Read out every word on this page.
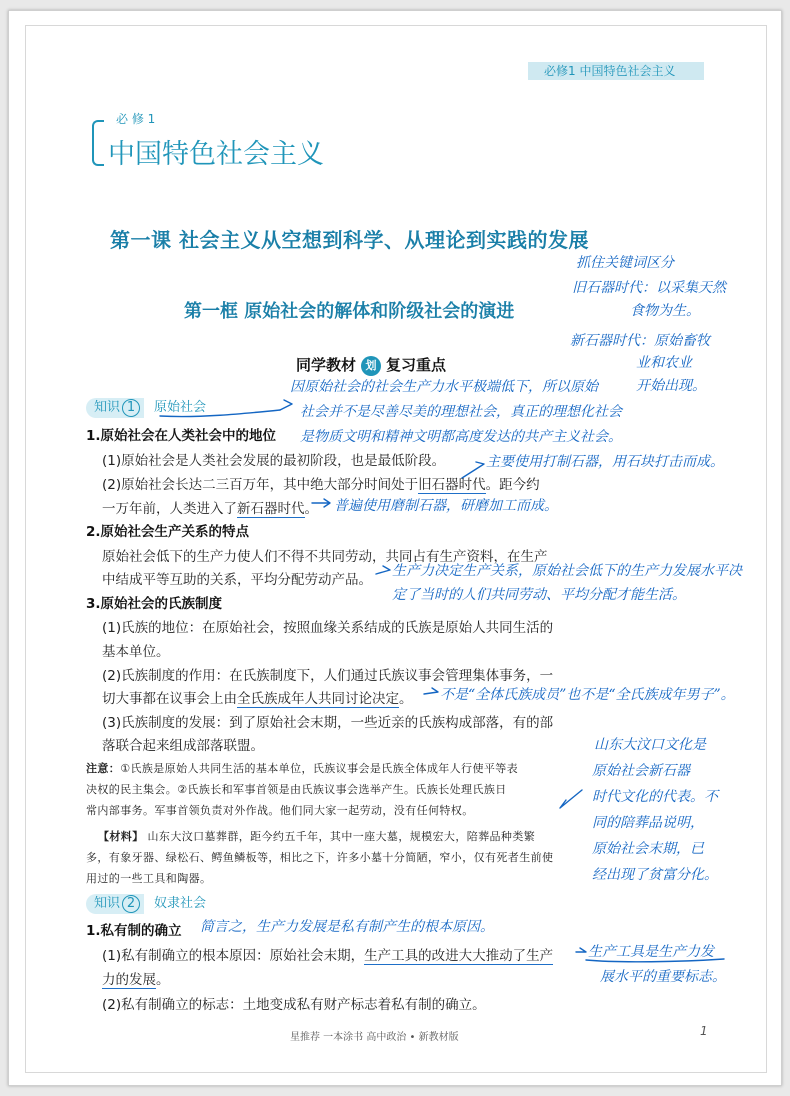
必修1 中国特色社会主义
必 修 1
中国特色社会主义
第一课 社会主义从空想到科学、从理论到实践的发展
第一框 原始社会的解体和阶级社会的演进
同学教材 划 复习重点
知识 1 原始社会
1.原始社会在人类社会中的地位
(1)原始社会是人类社会发展的最初阶段，也是最低阶段。
(2)原始社会长达二三百万年，其中绝大部分时间处于旧石器时代。距今约
一万年前，人类进入了新石器时代。
2.原始社会生产关系的特点
原始社会低下的生产力使人们不得不共同劳动，共同占有生产资料，在生产
中结成平等互助的关系，平均分配劳动产品。
3.原始社会的氏族制度
(1)氏族的地位：在原始社会，按照血缘关系结成的氏族是原始人共同生活的
基本单位。
(2)氏族制度的作用：在氏族制度下，人们通过氏族议事会管理集体事务，一
切大事都在议事会上由全氏族成年人共同讨论决定。
(3)氏族制度的发展：到了原始社会末期，一些近亲的氏族构成部落，有的部
落联合起来组成部落联盟。
注意：①氏族是原始人共同生活的基本单位，氏族议事会是氏族全体成年人行使平等表
决权的民主集会。②氏族长和军事首领是由氏族议事会选举产生。氏族长处理氏族日
常内部事务。军事首领负责对外作战。他们同大家一起劳动，没有任何特权。
【材料】 山东大汶口墓葬群，距今约五千年，其中一座大墓，规模宏大，陪葬品种类繁
多，有象牙器、绿松石、鳄鱼鳞板等，相比之下，许多小墓十分简陋，窄小，仅有死者生前使
用过的一些工具和陶器。
知识 2 奴隶社会
1.私有制的确立
(1)私有制确立的根本原因：原始社会末期，生产工具的改进大大推动了生产
力的发展。
(2)私有制确立的标志：土地变成私有财产标志着私有制的确立。
抓住关键词区分
旧石器时代：以采集天然
食物为生。
新石器时代：原始畜牧
业和农业
开始出现。
因原始社会的社会生产力水平极端低下，所以原始
社会并不是尽善尽美的理想社会，真正的理想化社会
是物质文明和精神文明都高度发达的共产主义社会。
主要使用打制石器，用石块打击而成。
普遍使用磨制石器，研磨加工而成。
生产力决定生产关系，原始社会低下的生产力发展水平决
定了当时的人们共同劳动、平均分配才能生活。
不是“全体氏族成员”也不是“全氏族成年男子”。
山东大汶口文化是
原始社会新石器
时代文化的代表。不
同的陪葬品说明，
原始社会末期，已
经出现了贫富分化。
简言之，生产力发展是私有制产生的根本原因。
生产工具是生产力发
展水平的重要标志。
星推荐 一本涂书 高中政治 • 新教材版	1
